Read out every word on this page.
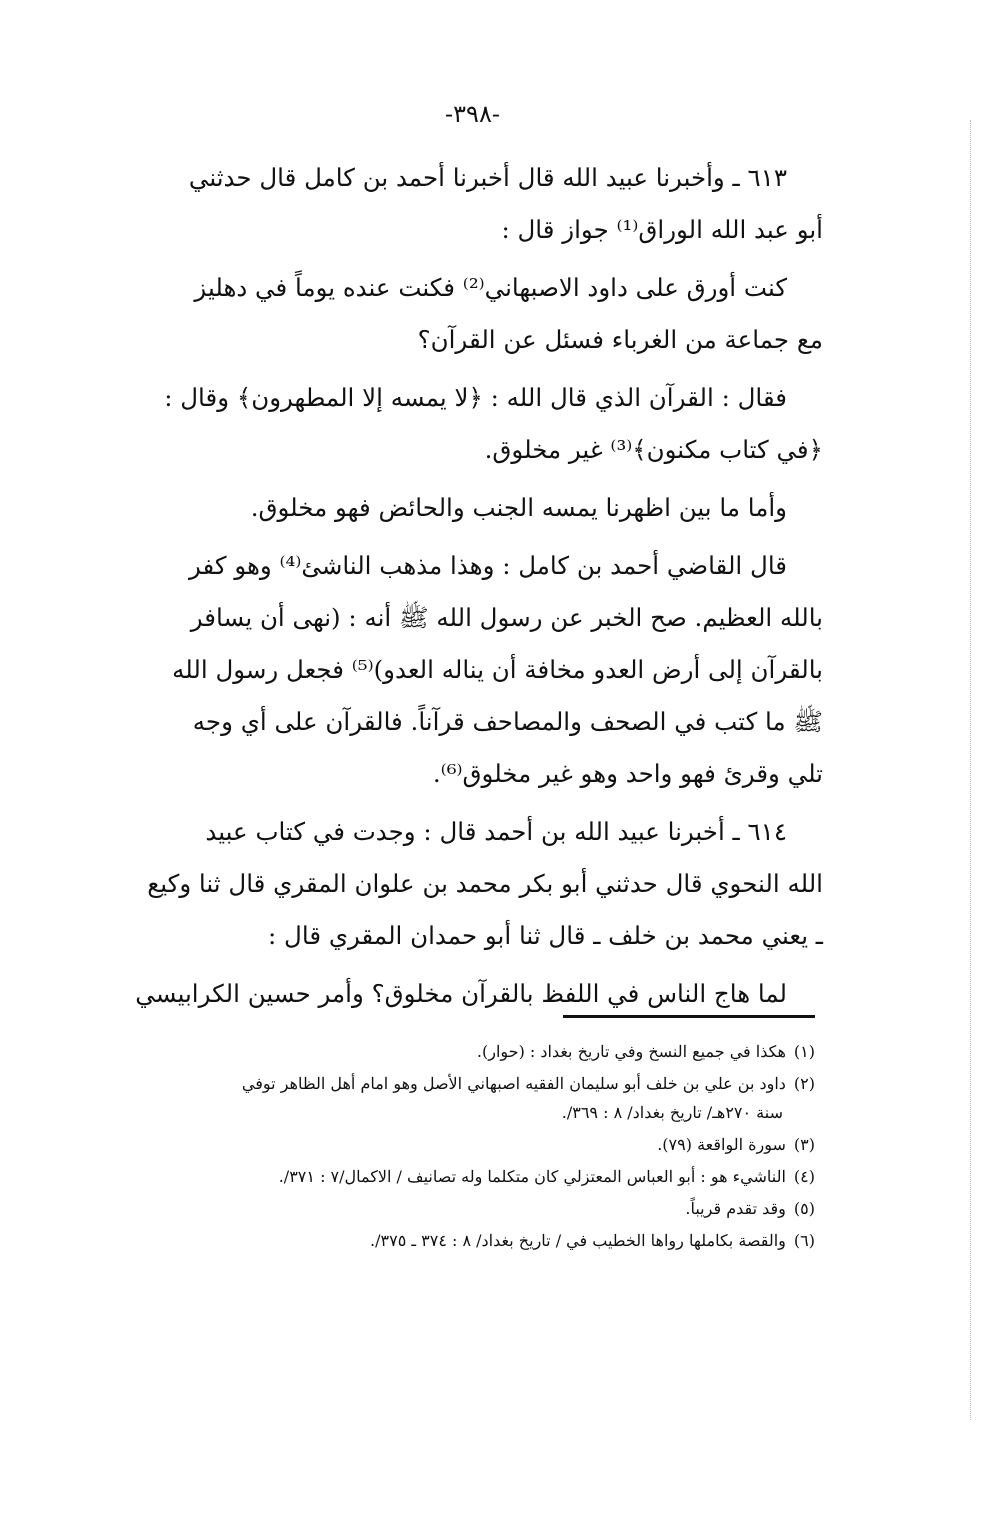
-٣٩٨-

٦١٣ ـ وأخبرنا عبيد الله قال أخبرنا أحمد بن كامل قال حدثني
أبو عبد الله الوراق⁽¹⁾ جواز قال :

كنت أورق على داود الاصبهاني⁽²⁾ فكنت عنده يوماً في دهليز
مع جماعة من الغرباء فسئل عن القرآن؟

فقال : القرآن الذي قال الله : ﴿لا يمسه إلا المطهرون﴾ وقال :
﴿في كتاب مكنون﴾⁽³⁾ غير مخلوق.

وأما ما بين اظهرنا يمسه الجنب والحائض فهو مخلوق.

قال القاضي أحمد بن كامل : وهذا مذهب الناشئ⁽⁴⁾ وهو كفر
بالله العظيم. صح الخبر عن رسول الله ﷺ أنه : (نهى أن يسافر
بالقرآن إلى أرض العدو مخافة أن يناله العدو)⁽⁵⁾ فجعل رسول الله
ﷺ ما كتب في الصحف والمصاحف قرآناً. فالقرآن على أي وجه
تلي وقرئ فهو واحد وهو غير مخلوق⁽⁶⁾.

٦١٤ ـ أخبرنا عبيد الله بن أحمد قال : وجدت في كتاب عبيد
الله النحوي قال حدثني أبو بكر محمد بن علوان المقري قال ثنا وكيع
ـ يعني محمد بن خلف ـ قال ثنا أبو حمدان المقري قال :

لما هاج الناس في اللفظ بالقرآن مخلوق؟ وأمر حسين الكرابيسي

(١)هكذا في جميع النسخ وفي تاريخ بغداد : (حوار).
(٢)داود بن علي بن خلف أبو سليمان الفقيه اصبهاني الأصل وهو امام أهل الظاهر توفي
سنة ٢٧٠هـ/ تاريخ بغداد/ ٨ : ٣٦٩/.
(٣)سورة الواقعة (٧٩).
(٤)الناشيء هو : أبو العباس المعتزلي كان متكلما وله تصانيف / الاكمال/٧ : ٣٧١/.
(٥)وقد تقدم قريباً.
(٦)والقصة بكاملها رواها الخطيب في / تاريخ بغداد/ ٨ : ٣٧٤ ـ ٣٧٥/.
